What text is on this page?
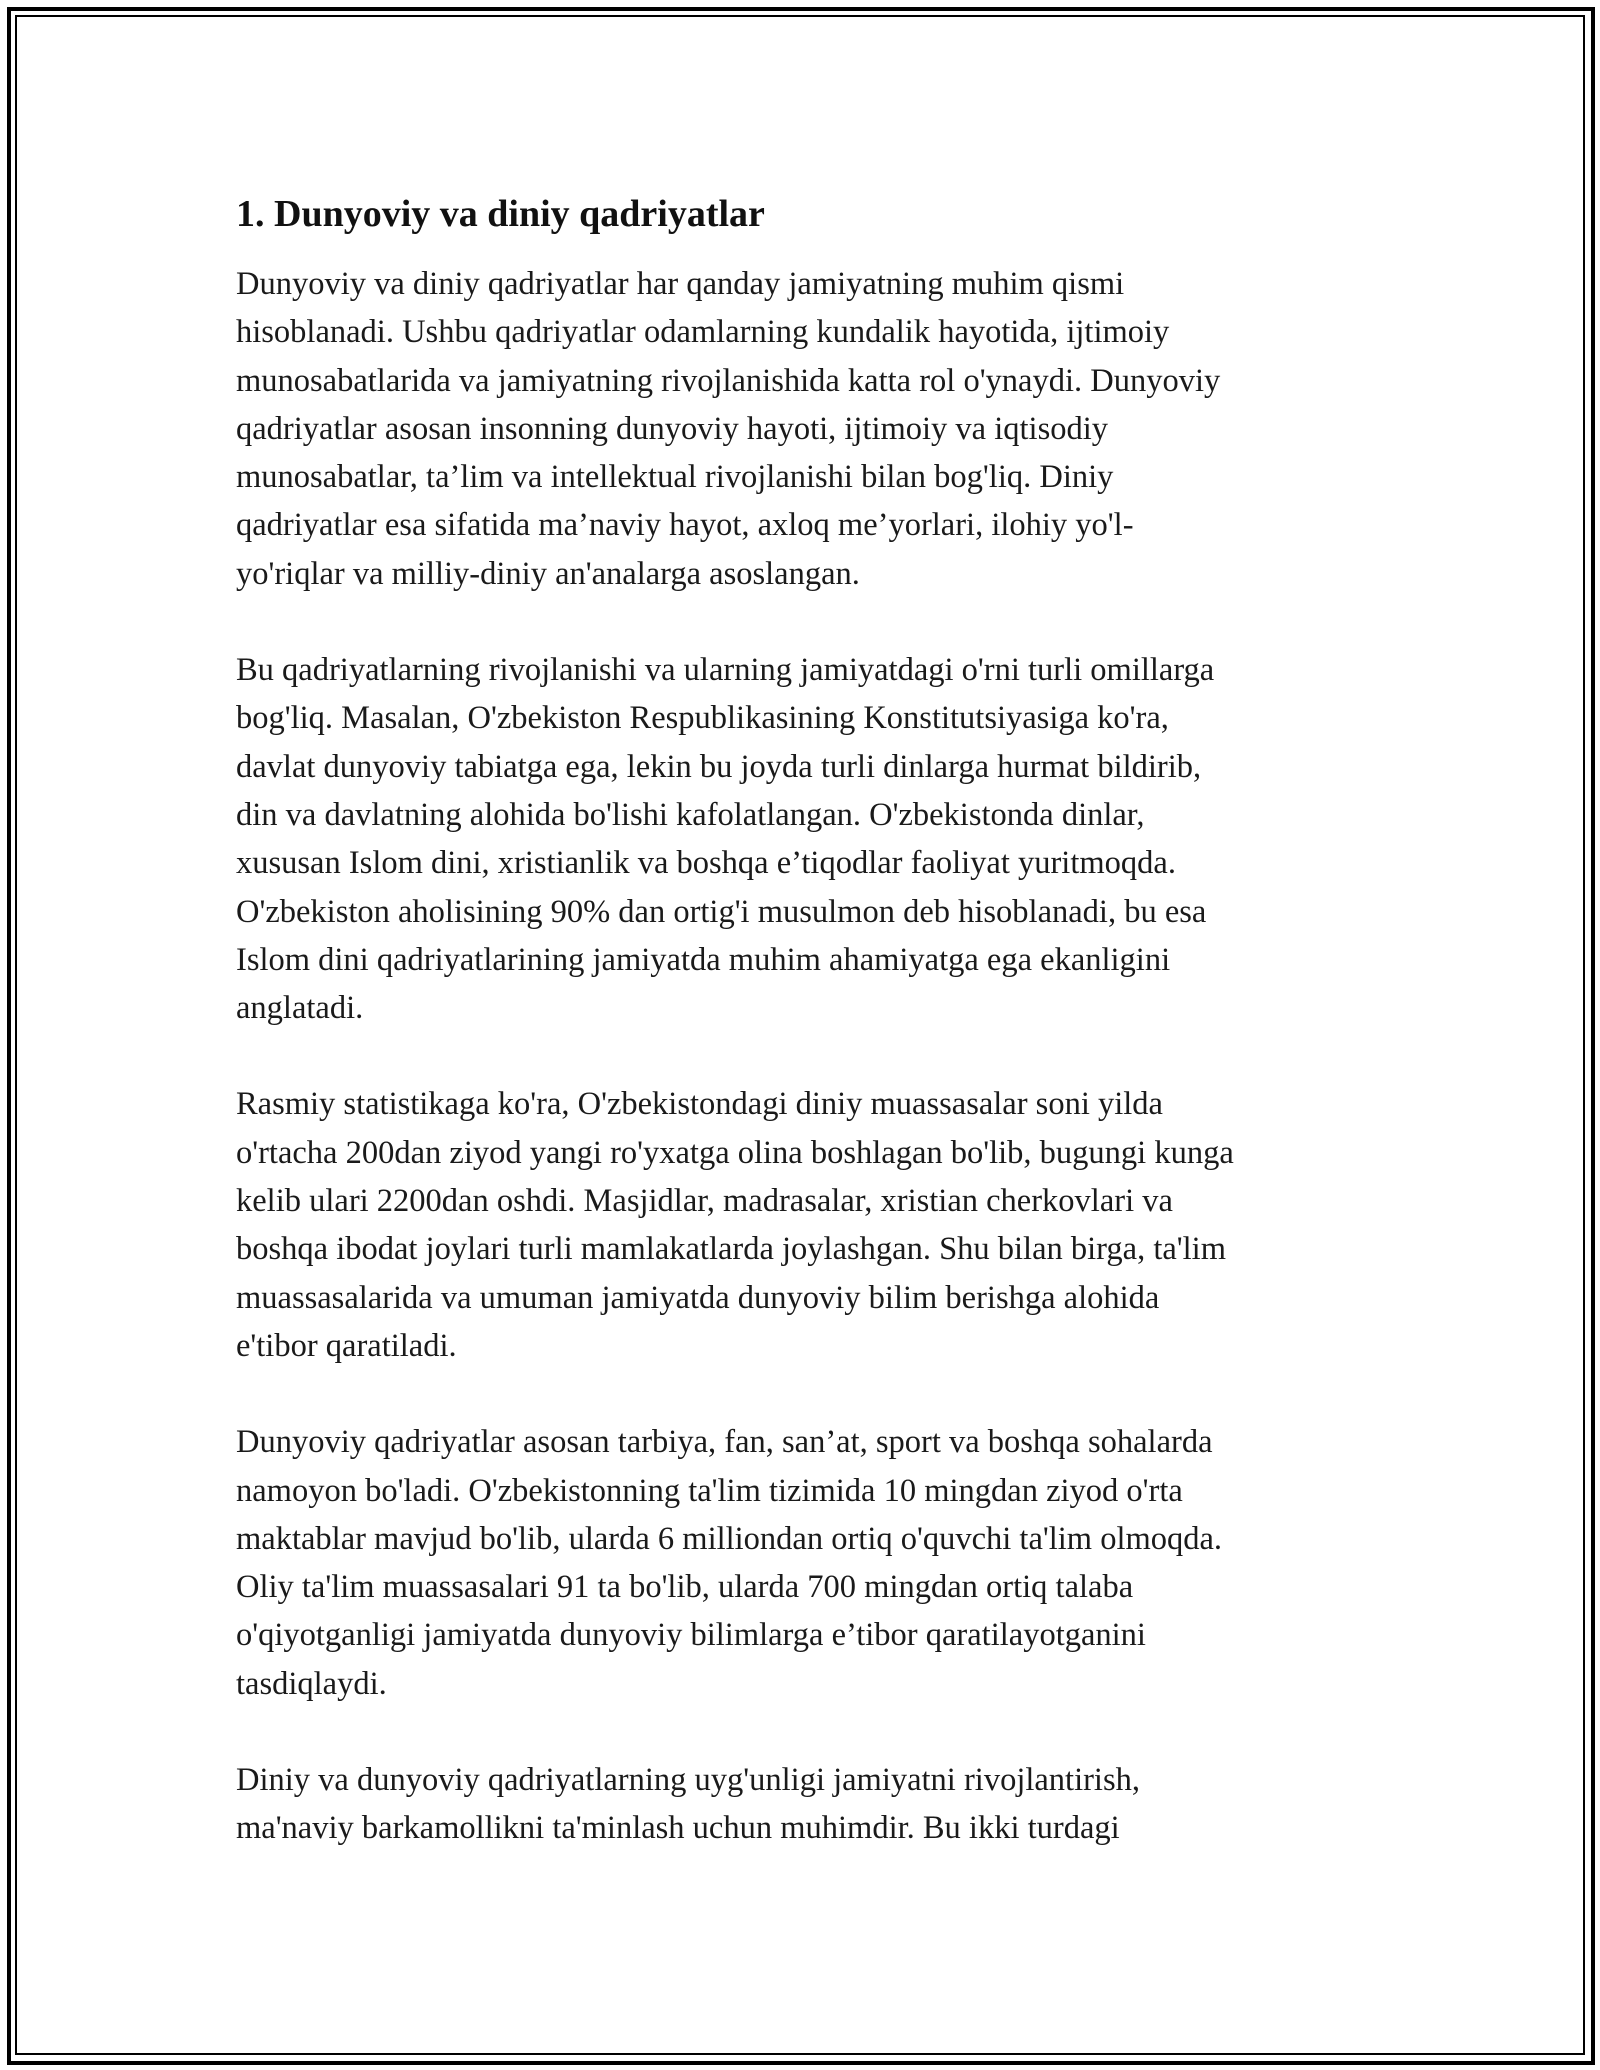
1. Dunyoviy va diniy qadriyatlar
Dunyoviy va diniy qadriyatlar har qanday jamiyatning muhim qismi
hisoblanadi. Ushbu qadriyatlar odamlarning kundalik hayotida, ijtimoiy
munosabatlarida va jamiyatning rivojlanishida katta rol o'ynaydi. Dunyoviy
qadriyatlar asosan insonning dunyoviy hayoti, ijtimoiy va iqtisodiy
munosabatlar, ta’lim va intellektual rivojlanishi bilan bog'liq. Diniy
qadriyatlar esa sifatida ma’naviy hayot, axloq me’yorlari, ilohiy yo'l-
yo'riqlar va milliy-diniy an'analarga asoslangan.
Bu qadriyatlarning rivojlanishi va ularning jamiyatdagi o'rni turli omillarga
bog'liq. Masalan, O'zbekiston Respublikasining Konstitutsiyasiga ko'ra,
davlat dunyoviy tabiatga ega, lekin bu joyda turli dinlarga hurmat bildirib,
din va davlatning alohida bo'lishi kafolatlangan. O'zbekistonda dinlar,
xususan Islom dini, xristianlik va boshqa e’tiqodlar faoliyat yuritmoqda.
O'zbekiston aholisining 90% dan ortig'i musulmon deb hisoblanadi, bu esa
Islom dini qadriyatlarining jamiyatda muhim ahamiyatga ega ekanligini
anglatadi.
Rasmiy statistikaga ko'ra, O'zbekistondagi diniy muassasalar soni yilda
o'rtacha 200dan ziyod yangi ro'yxatga olina boshlagan bo'lib, bugungi kunga
kelib ulari 2200dan oshdi. Masjidlar, madrasalar, xristian cherkovlari va
boshqa ibodat joylari turli mamlakatlarda joylashgan. Shu bilan birga, ta'lim
muassasalarida va umuman jamiyatda dunyoviy bilim berishga alohida
e'tibor qaratiladi.
Dunyoviy qadriyatlar asosan tarbiya, fan, san’at, sport va boshqa sohalarda
namoyon bo'ladi. O'zbekistonning ta'lim tizimida 10 mingdan ziyod o'rta
maktablar mavjud bo'lib, ularda 6 milliondan ortiq o'quvchi ta'lim olmoqda.
Oliy ta'lim muassasalari 91 ta bo'lib, ularda 700 mingdan ortiq talaba
o'qiyotganligi jamiyatda dunyoviy bilimlarga e’tibor qaratilayotganini
tasdiqlaydi.
Diniy va dunyoviy qadriyatlarning uyg'unligi jamiyatni rivojlantirish,
ma'naviy barkamollikni ta'minlash uchun muhimdir. Bu ikki turdagi
